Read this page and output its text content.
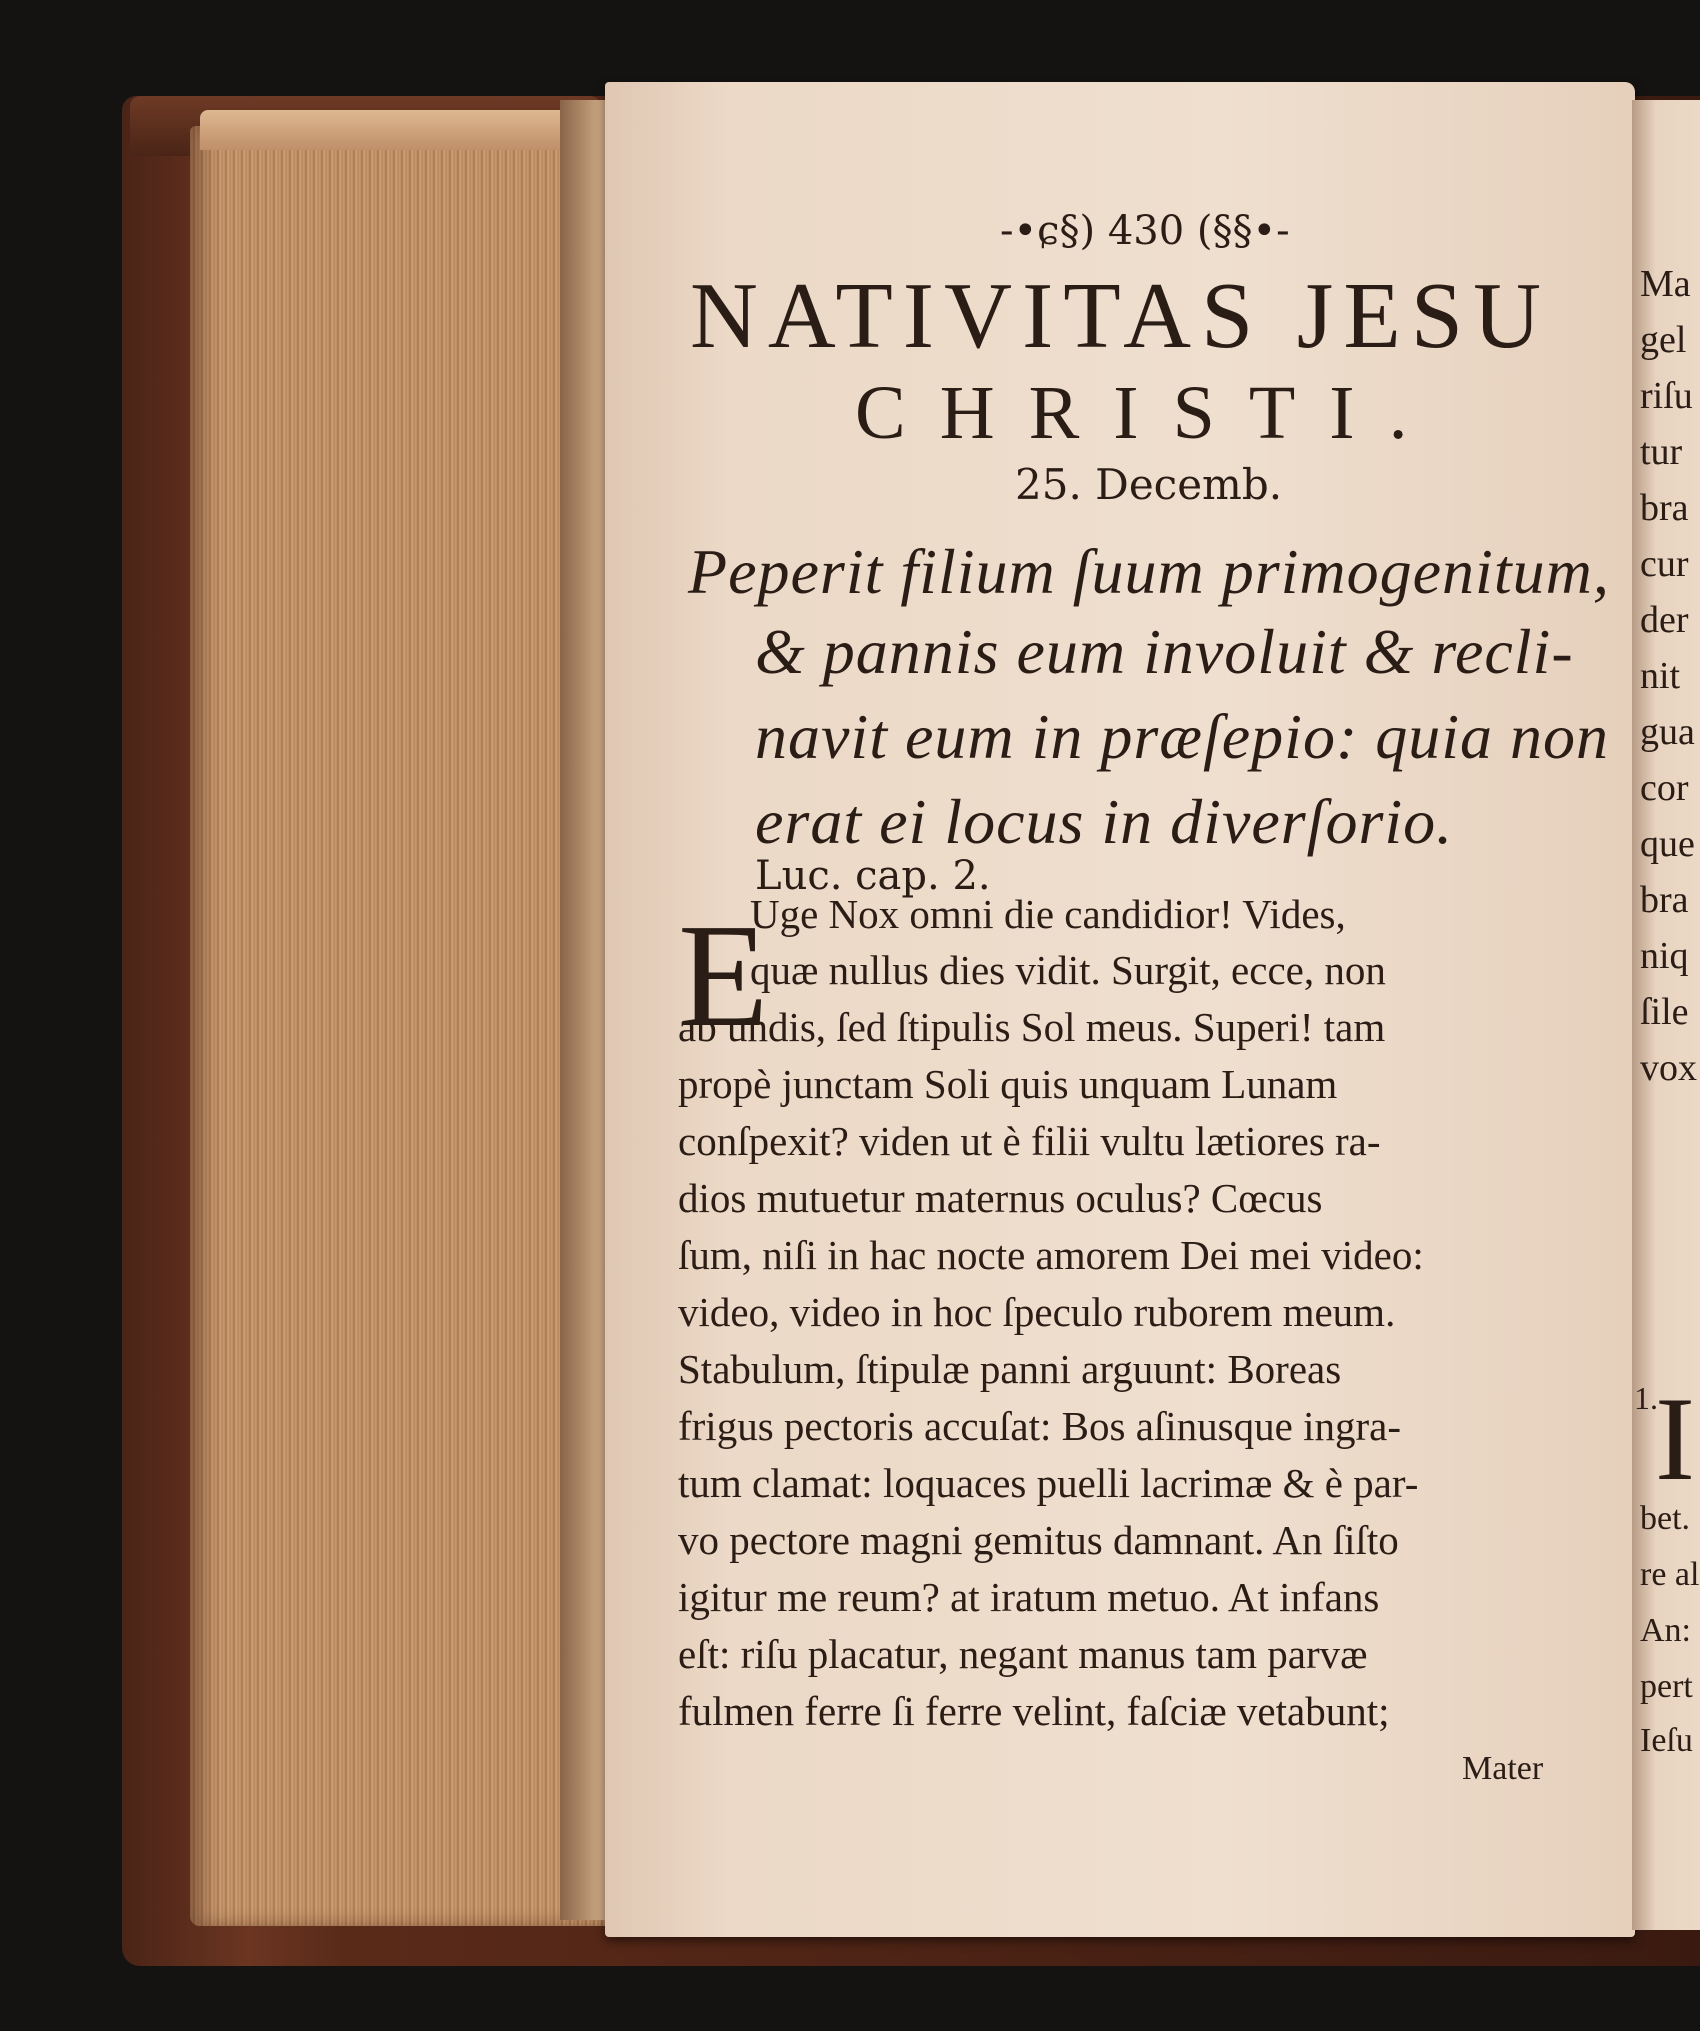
-•ɕ§) 430 (§§•-
NATIVITAS JESU
CHRISTI.
25. Decemb.
Peperit filium ſuum primogenitum,
& pannis eum involuit & recli-
navit eum in præſepio: quia non
erat ei locus in diverſorio.
Luc. cap. 2.
E
Uge Nox omni die candidior! Vides,
quæ nullus dies vidit. Surgit, ecce, non
ab undis, ſed ſtipulis Sol meus. Superi! tam
propè junctam Soli quis unquam Lunam
conſpexit? viden ut è filii vultu lætiores ra-
dios mutuetur maternus oculus? Cœcus
ſum, niſi in hac nocte amorem Dei mei video:
video, video in hoc ſpeculo ruborem meum.
Stabulum, ſtipulæ panni arguunt: Boreas
frigus pectoris accuſat: Bos aſinusque ingra-
tum clamat: loquaces puelli lacrimæ & è par-
vo pectore magni gemitus damnant. An ſiſto
igitur me reum? at iratum metuo. At infans
eſt: riſu placatur, negant manus tam parvæ
fulmen ferre ſi ferre velint, faſciæ vetabunt;
Mater
Ma
gel
riſu
tur
bra
cur
der
nit
gua
cor
que
bra
niq
ſile
vox
1.
I
bet.
re al
An:
pert
Ieſu
